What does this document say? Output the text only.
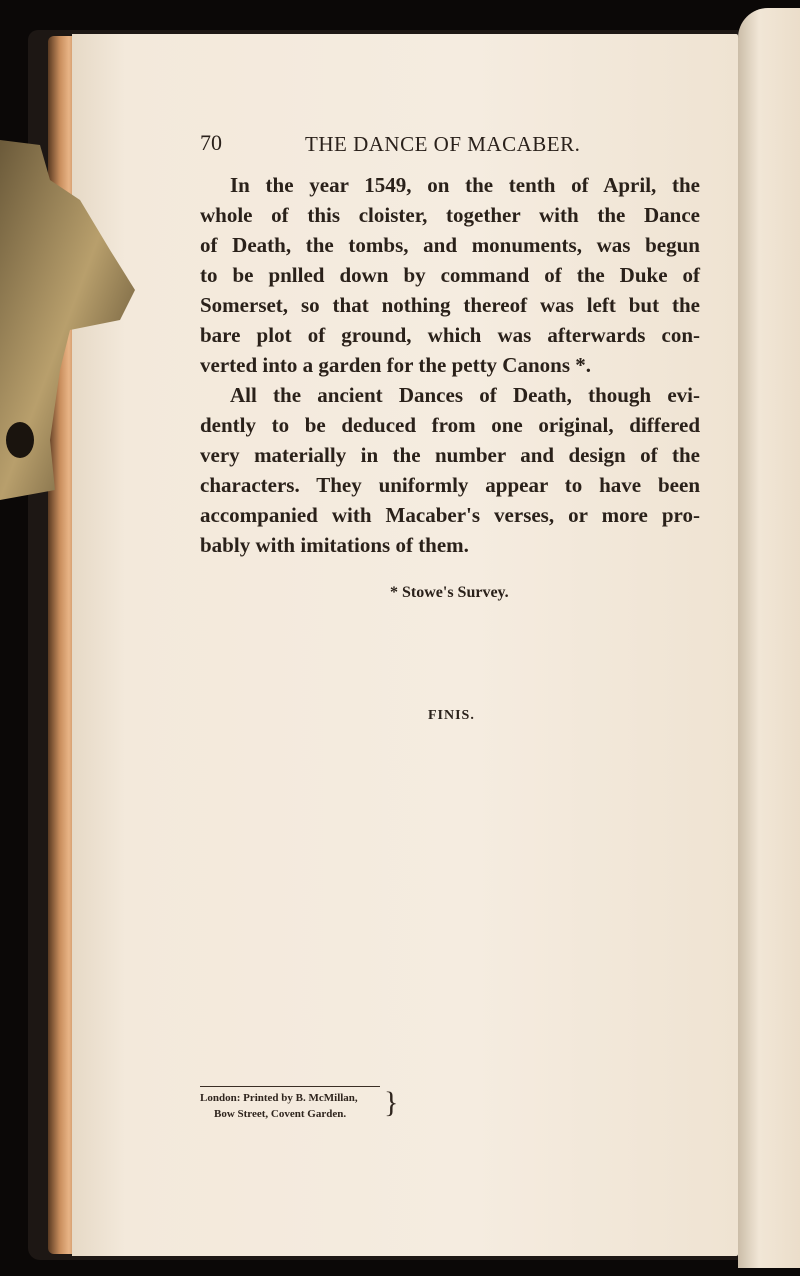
70	THE DANCE OF MACABER.
In the year 1549, on the tenth of April, the
whole of this cloister, together with the Dance
of Death, the tombs, and monuments, was begun
to be pnlled down by command of the Duke of
Somerset, so that nothing thereof was left but the
bare plot of ground, which was afterwards con-
verted into a garden for the petty Canons *.
All the ancient Dances of Death, though evi-
dently to be deduced from one original, differed
very materially in the number and design of the
characters. They uniformly appear to have been
accompanied with Macaber's verses, or more pro-
bably with imitations of them.
* Stowe's Survey.
FINIS.
London: Printed by B. McMillan,
Bow Street, Covent Garden.	}
